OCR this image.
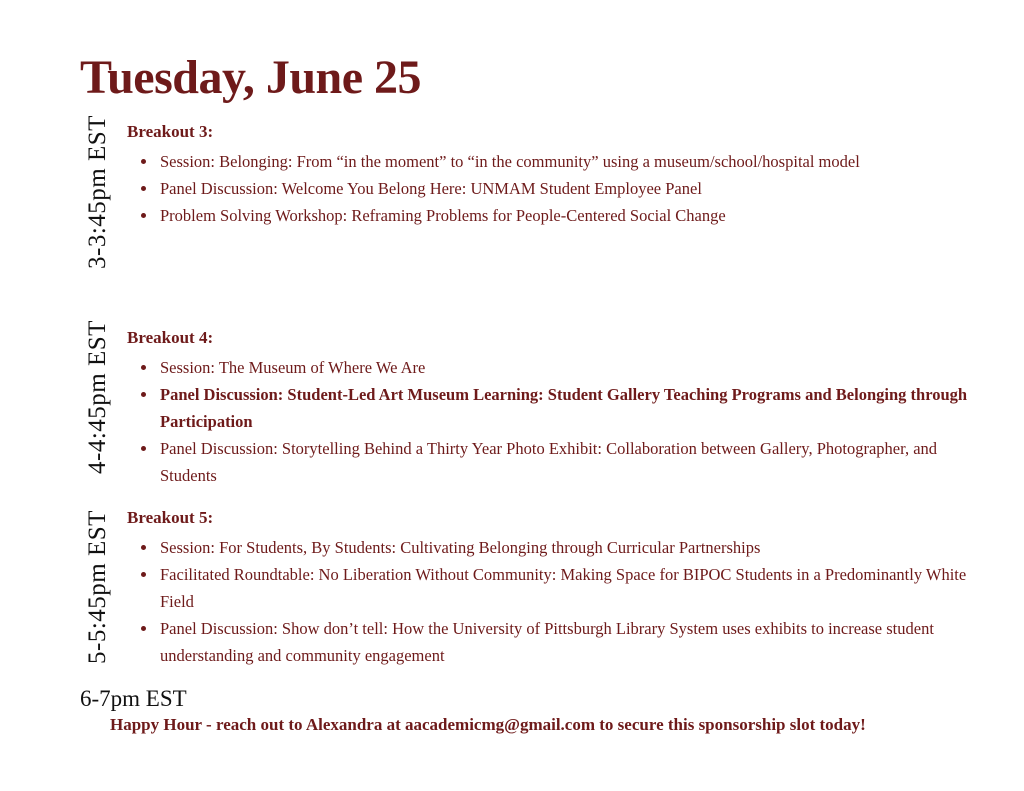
Tuesday, June 25
3-3:45pm EST Breakout 3:
Session: Belonging: From “in the moment” to “in the community” using a museum/school/hospital model
Panel Discussion: Welcome You Belong Here: UNMAM Student Employee Panel
Problem Solving Workshop: Reframing Problems for People-Centered Social Change
4-4:45pm EST Breakout 4:
Session: The Museum of Where We Are
Panel Discussion: Student-Led Art Museum Learning: Student Gallery Teaching Programs and Belonging through Participation
Panel Discussion: Storytelling Behind a Thirty Year Photo Exhibit: Collaboration between Gallery, Photographer, and Students
5-5:45pm EST Breakout 5:
Session: For Students, By Students: Cultivating Belonging through Curricular Partnerships
Facilitated Roundtable: No Liberation Without Community: Making Space for BIPOC Students in a Predominantly White Field
Panel Discussion: Show don’t tell: How the University of Pittsburgh Library System uses exhibits to increase student understanding and community engagement
6-7pm EST
Happy Hour - reach out to Alexandra at aacademicmg@gmail.com to secure this sponsorship slot today!
